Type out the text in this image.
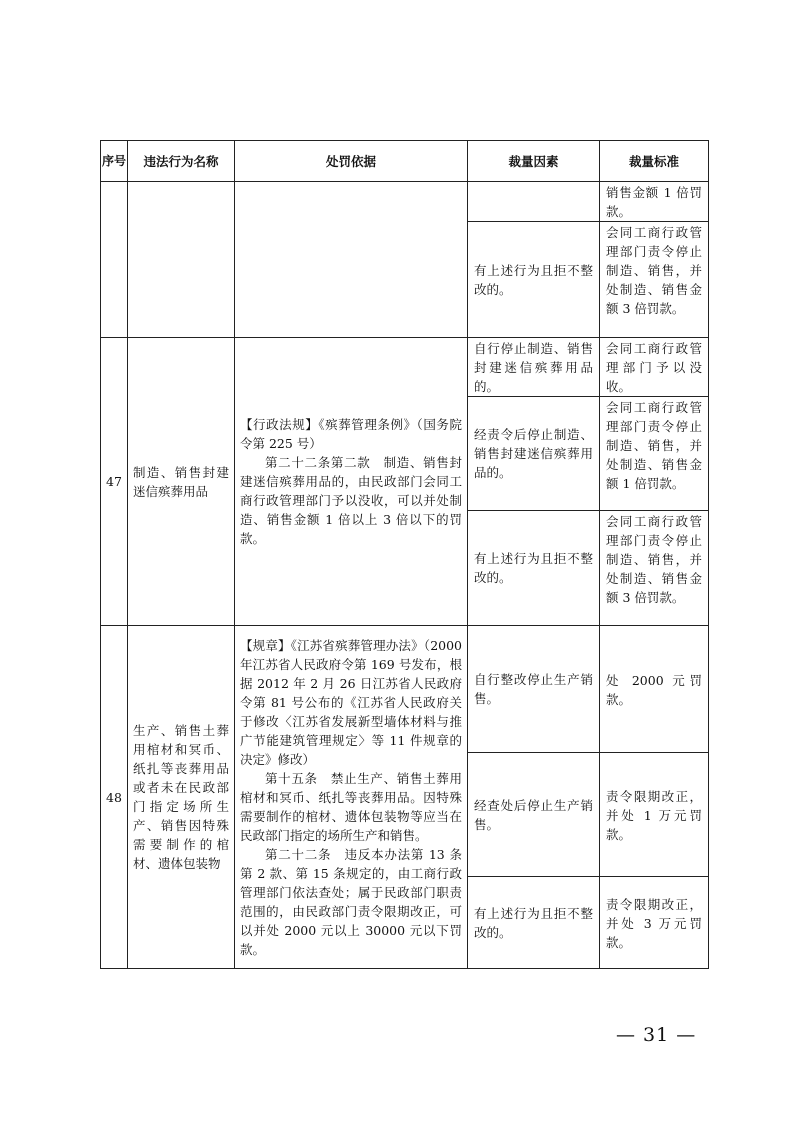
序号	违法行为名称	处罚依据	裁量因素	裁量标准
				销售金额 1 倍罚款。
			有上述行为且拒不整改的。	会同工商行政管理部门责令停止制造、销售，并处制造、销售金额 3 倍罚款。
47	制造、销售封建迷信殡葬用品	【行政法规】《殡葬管理条例》（国务院令第 225 号）

第二十二条第二款　制造、销售封建迷信殡葬用品的，由民政部门会同工商行政管理部门予以没收，可以并处制造、销售金额 1 倍以上 3 倍以下的罚款。	自行停止制造、销售封建迷信殡葬用品的。	会同工商行政管理部门予以没收。
			经责令后停止制造、销售封建迷信殡葬用品的。	会同工商行政管理部门责令停止制造、销售，并处制造、销售金额 1 倍罚款。
			有上述行为且拒不整改的。	会同工商行政管理部门责令停止制造、销售，并处制造、销售金额 3 倍罚款。
48	生产、销售土葬用棺材和冥币、纸扎等丧葬用品或者未在民政部门指定场所生产、销售因特殊需要制作的棺材、遗体包装物	【规章】《江苏省殡葬管理办法》（2000 年江苏省人民政府令第 169 号发布，根据 2012 年 2 月 26 日江苏省人民政府令第 81 号公布的《江苏省人民政府关于修改〈江苏省发展新型墙体材料与推广节能建筑管理规定〉等 11 件规章的决定》修改）

第十五条　禁止生产、销售土葬用棺材和冥币、纸扎等丧葬用品。因特殊需要制作的棺材、遗体包装物等应当在民政部门指定的场所生产和销售。

第二十二条　违反本办法第 13 条第 2 款、第 15 条规定的，由工商行政管理部门依法查处；属于民政部门职责范围的，由民政部门责令限期改正，可以并处 2000 元以上 30000 元以下罚款。	自行整改停止生产销售。	处 2000 元罚款。
			经查处后停止生产销售。	责令限期改正，并处 1 万元罚款。
			有上述行为且拒不整改的。	责令限期改正，并处 3 万元罚款。
— 31 —
